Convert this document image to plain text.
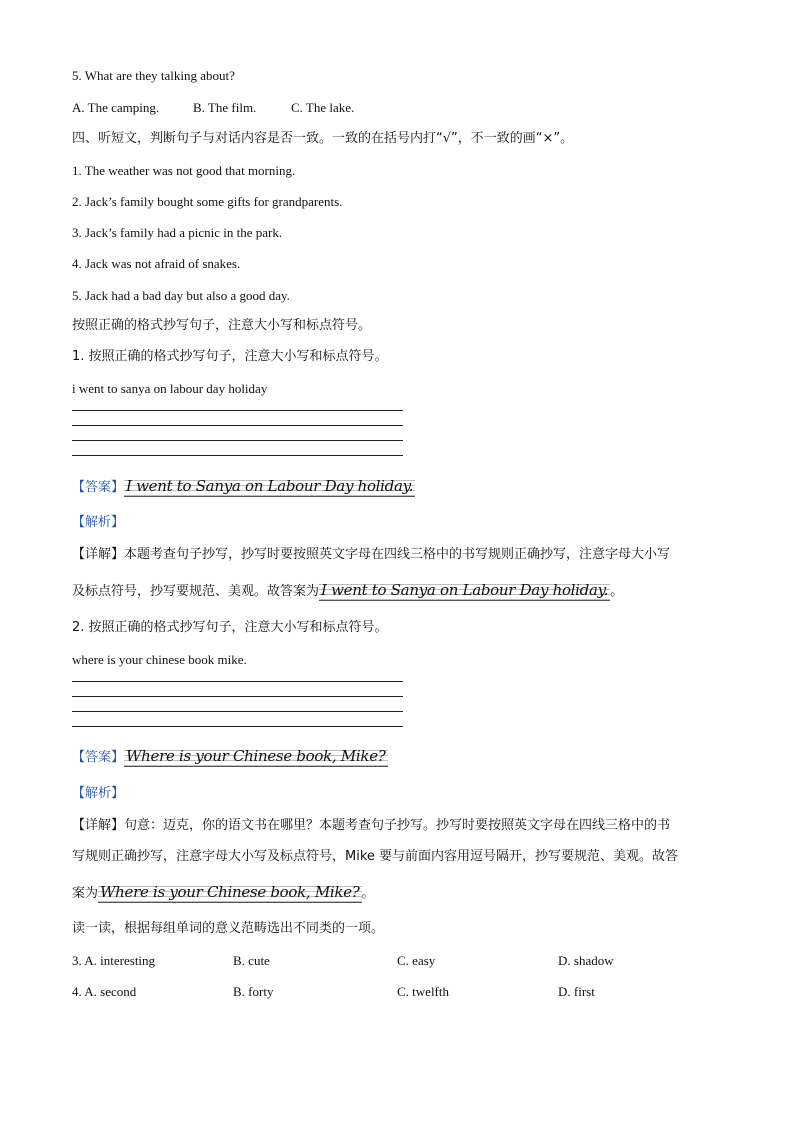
5. What are they talking about?
A. The camping.	B. The film.	C. The lake.
四、听短文，判断句子与对话内容是否一致。一致的在括号内打“√”，不一致的画“×”。
1. The weather was not good that morning.
2. Jack’s family bought some gifts for grandparents.
3. Jack’s family had a picnic in the park.
4. Jack was not afraid of snakes.
5. Jack had a bad day but also a good day.
按照正确的格式抄写句子，注意大小写和标点符号。
1. 按照正确的格式抄写句子，注意大小写和标点符号。
i went to sanya on labour day holiday
【答案】 I went to Sanya on Labour Day holiday.
【解析】
【详解】本题考查句子抄写，抄写时要按照英文字母在四线三格中的书写规则正确抄写，注意字母大小写
及标点符号，抄写要规范、美观。故答案为 I went to Sanya on Labour Day holiday. 。
2. 按照正确的格式抄写句子，注意大小写和标点符号。
where is your chinese book mike.
【答案】 Where is your Chinese book, Mike?
【解析】
【详解】句意：迈克，你的语文书在哪里？本题考查句子抄写。抄写时要按照英文字母在四线三格中的书
写规则正确抄写，注意字母大小写及标点符号，Mike 要与前面内容用逗号隔开，抄写要规范、美观。故答
案为 Where is your Chinese book, Mike? 。
读一读，根据每组单词的意义范畴选出不同类的一项。
3. A. interesting	B. cute	C. easy	D. shadow
4. A. second	B. forty	C. twelfth	D. first
